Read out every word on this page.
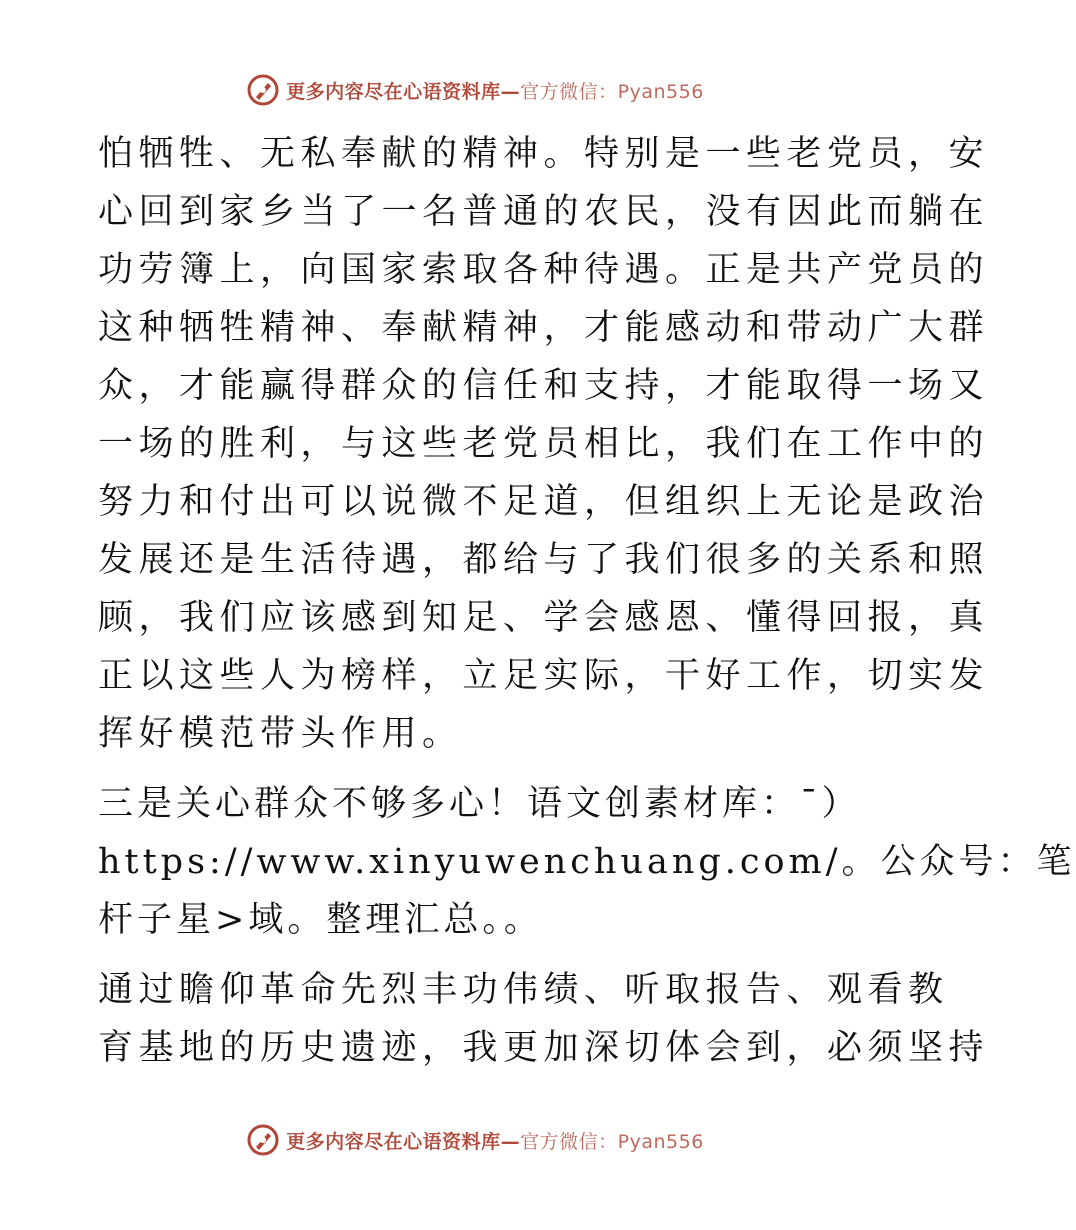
更多内容尽在心语资料库— 官方微信：Pyan556

怕牺牲、无私奉献的精神。特别是一些老党员，安
心回到家乡当了一名普通的农民，没有因此而躺在
功劳簿上，向国家索取各种待遇。正是共产党员的
这种牺牲精神、奉献精神，才能感动和带动广大群
众，才能赢得群众的信任和支持，才能取得一场又
一场的胜利，与这些老党员相比，我们在工作中的
努力和付出可以说微不足道，但组织上无论是政治
发展还是生活待遇，都给与了我们很多的关系和照
顾，我们应该感到知足、学会感恩、懂得回报，真
正以这些人为榜样，立足实际，干好工作，切实发
挥好模范带头作用。

三是关心群众不够多心！语文创素材库：¯）
https://www.xinyuwenchuang.com/。公众号：笔
杆子星>域。整理汇总。。

通过瞻仰革命先烈丰功伟绩、听取报告、观看教
育基地的历史遗迹，我更加深切体会到，必须坚持

更多内容尽在心语资料库— 官方微信：Pyan556
